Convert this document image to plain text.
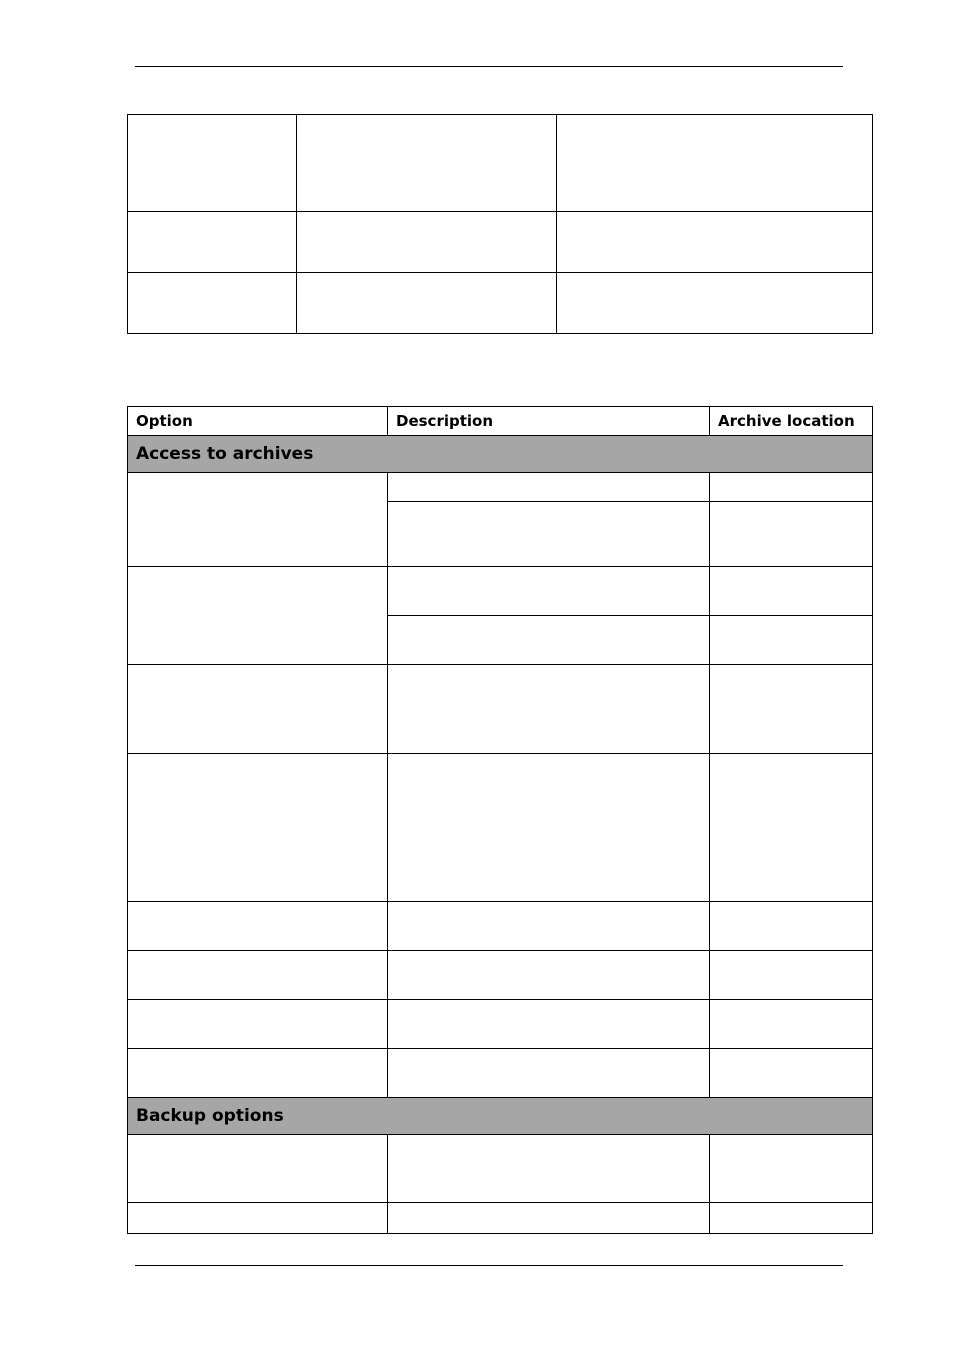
Option	Description	Archive location
Access to archives		

Backup options		
